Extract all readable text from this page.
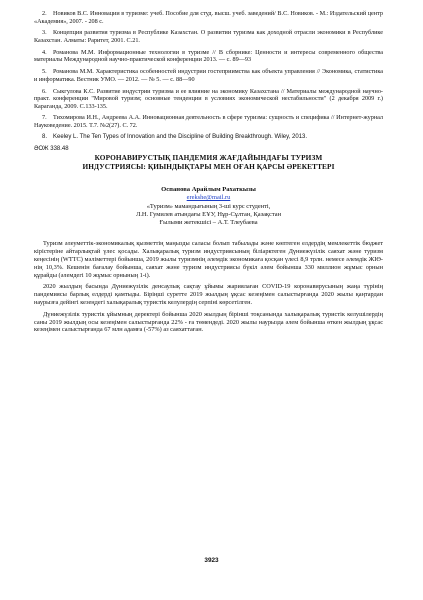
2. Новиков В.С. Инновации в туризме: учеб. Пособие для студ. высш. учеб. заведений/ В.С. Новиков. - М.: Издательский центр «Академия», 2007. - 208 с.
3. Концепция развития туризма в Республике Казахстан. О развитии туризма как доходной отрасли экономики в Республике Казахстан. Алматы: Раритет, 2001. С.21.
4. Романова М.М. Информационные технологии в туризме // В сборнике: Ценности и интересы современного общества материалы Международной научно-практической конференции 2013. — с. 89—93
5. Романова М.М. Характеристика особенностей индустрии гостеприимства как объекта управления // Экономика, статистика и информатика. Вестник УМО. — 2012. — № 5. — с. 88—90
6. Сыкгулова К.С. Развитие индустрии туризма и ее влияние на экономику Казахстана // Материалы международной научно-практ. конференции "Мировой туризм; основные тенденции в условиях экономической нестабильности" (2 декабря 2009 г.) Караганда, 2009. С.133-135.
7. Тихомирова И.Н., Андреева А.А. Инновационная деятельность в сфере туризма: сущность и специфика // Интернет-журнал Науковедение. 2015. Т.7. №2(27). С. 72.
8. Keeley L. The Ten Types of Innovation and the Discipline of Building Breakthrough. Wiley, 2013.
ӘОЖ 338.48
КОРОНАВИРУСТЫҚ ПАНДЕМИЯ ЖАҒДАЙЫНДАҒЫ ТУРИЗМ
ИНДУСТРИЯСЫ: ҚИЫНДЫҚТАРЫ МЕН ОҒАН ҚАРСЫ ӘРЕКЕТТЕРІ
Оспанова Арайлым Рахаткызы
erekshe@mail.ru
«Туризм» мамандығының 3-ші курс студенті,
Л.Н. Гумилев атындағы ЕҰУ, Нұр-Сұлтан, Қазақстан
Ғылыми жетекшісі – А.Т. Тлеубаева

Туризм әлеуметтік-экономикалық қызметтің маңызды саласы болып табылады және көптеген елдердің мемлекеттік бюджет кірістеріне айтарлықтай үлес қосады. Халықаралық туризм индустриясының біліарктеген Дүниежүзілік саяхат және туризм кеңесінің (WTTC) мәліметтері бойынша, 2019 жылы туризмнің әлемдік экономикаға қосқан үлесі 8,9 трлн. немесе әлемдік ЖІӨ-нің 10,3%. Кешенін бағалау бойынша, саяхат және туризм индустриясы бүкіл әлем бойынша 330 миллион жұмыс орнын құрайды (әлемдегі 10 жұмыс орнының 1-і).

2020 жылдың басында Дүниежүзілік денсаулық сақтау ұйымы жариялаған COVID-19 коронавирусының жаңа түрінің пандемиясы барлық елдерді қамтыды. Біріңші суретте 2019 жылдың ұқсас кезеңімен салыстырғанда 2020 жылы қаңтардан наурызға дейінгі кезеңдегі халықаралық туристік келулердің серпіні көрсетілген.

Дүниежүзілік туристік ұйымның деректері бойынша 2020 жылдың бірінші тоқсанында халықаралық туристік келушілердің саны 2019 жылдың осы кезеңімен салыстырғанда 22% - ға төмендеді. 2020 жылы наурызда әлем бойынша өткен жылдың ұқсас кезеңімен салыстырғанда 67 млн адамға (-57%) аз саяхаттаған.

3923
